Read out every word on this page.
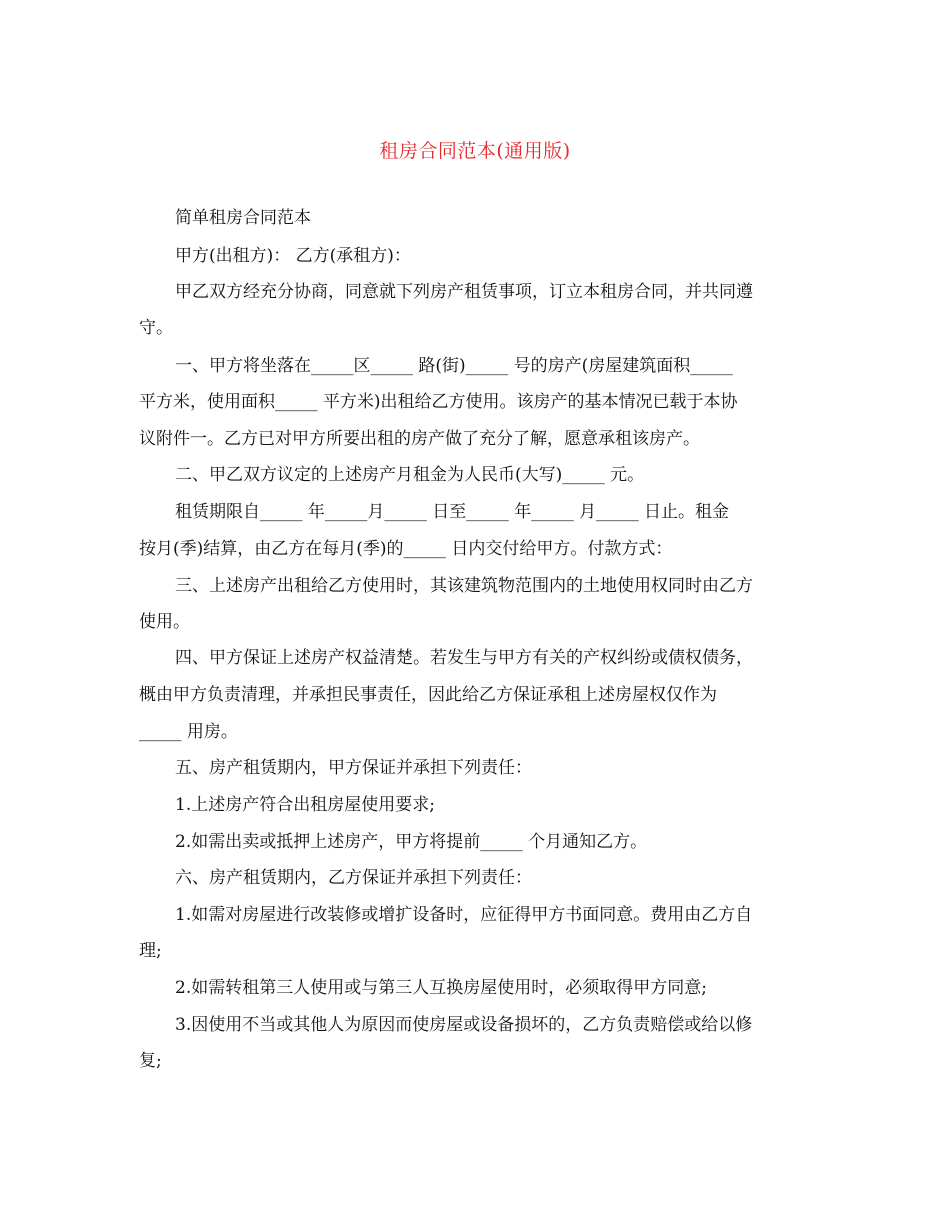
租房合同范本(通用版)
简单租房合同范本
甲方(出租方)： 乙方(承租方)：
甲乙双方经充分协商，同意就下列房产租赁事项，订立本租房合同，并共同遵
守。
一、甲方将坐落在_____区_____ 路(街)_____ 号的房产(房屋建筑面积_____
平方米，使用面积_____ 平方米)出租给乙方使用。该房产的基本情况已载于本协
议附件一。乙方已对甲方所要出租的房产做了充分了解，愿意承租该房产。
二、甲乙双方议定的上述房产月租金为人民币(大写)_____ 元。
租赁期限自_____ 年_____月_____ 日至_____ 年_____ 月_____ 日止。租金
按月(季)结算，由乙方在每月(季)的_____ 日内交付给甲方。付款方式：
三、上述房产出租给乙方使用时，其该建筑物范围内的土地使用权同时由乙方
使用。
四、甲方保证上述房产权益清楚。若发生与甲方有关的产权纠纷或债权债务，
概由甲方负责清理，并承担民事责任，因此给乙方保证承租上述房屋权仅作为
_____ 用房。
五、房产租赁期内，甲方保证并承担下列责任：
1.上述房产符合出租房屋使用要求;
2.如需出卖或抵押上述房产，甲方将提前_____ 个月通知乙方。
六、房产租赁期内，乙方保证并承担下列责任：
1.如需对房屋进行改装修或增扩设备时，应征得甲方书面同意。费用由乙方自
理;
2.如需转租第三人使用或与第三人互换房屋使用时，必须取得甲方同意;
3.因使用不当或其他人为原因而使房屋或设备损坏的，乙方负责赔偿或给以修
复;
